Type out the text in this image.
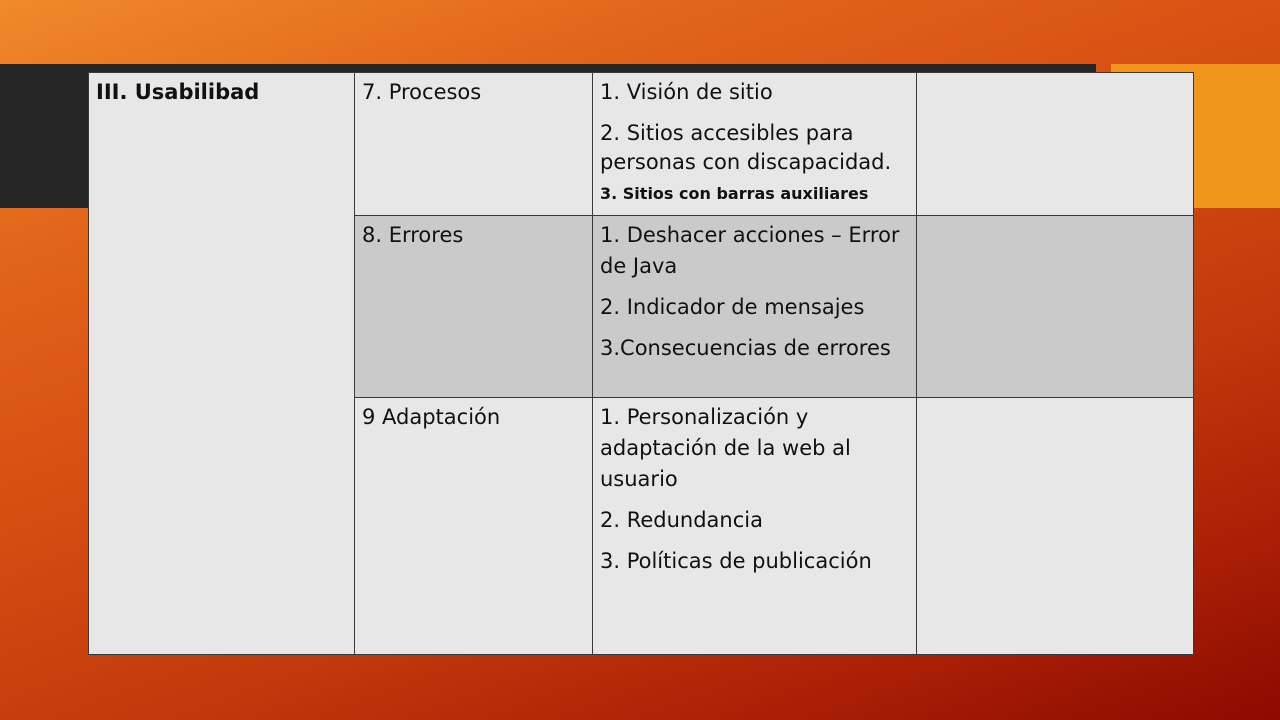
III. Usabilibad	7. Procesos	1. Visión de sitio
2. Sitios accesibles para personas con discapacidad.
3. Sitios con barras auxiliares	

	8. Errores	1. Deshacer acciones – Error de Java
2. Indicador de mensajes
3.Consecuencias de errores	

	9 Adaptación	1. Personalización y adaptación de la web al usuario
2. Redundancia
3. Políticas de publicación	
